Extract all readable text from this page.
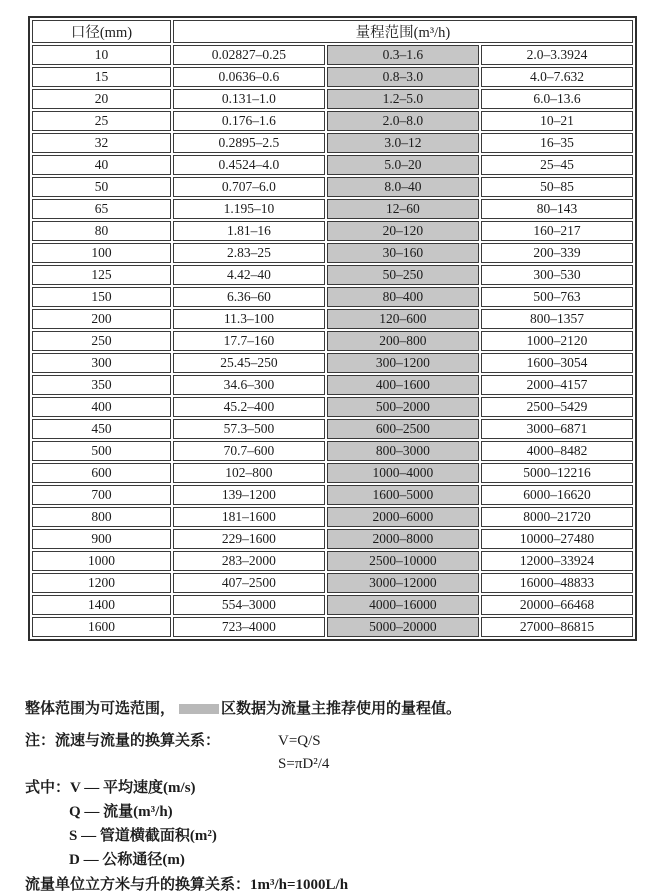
口径(mm)	量程范围(m³/h)		
10	0.02827–0.25	0.3–1.6	2.0–3.3924
15	0.0636–0.6	0.8–3.0	4.0–7.632
20	0.131–1.0	1.2–5.0	6.0–13.6
25	0.176–1.6	2.0–8.0	10–21
32	0.2895–2.5	3.0–12	16–35
40	0.4524–4.0	5.0–20	25–45
50	0.707–6.0	8.0–40	50–85
65	1.195–10	12–60	80–143
80	1.81–16	20–120	160–217
100	2.83–25	30–160	200–339
125	4.42–40	50–250	300–530
150	6.36–60	80–400	500–763
200	11.3–100	120–600	800–1357
250	17.7–160	200–800	1000–2120
300	25.45–250	300–1200	1600–3054
350	34.6–300	400–1600	2000–4157
400	45.2–400	500–2000	2500–5429
450	57.3–500	600–2500	3000–6871
500	70.7–600	800–3000	4000–8482
600	102–800	1000–4000	5000–12216
700	139–1200	1600–5000	6000–16620
800	181–1600	2000–6000	8000–21720
900	229–1600	2000–8000	10000–27480
1000	283–2000	2500–10000	12000–33924
1200	407–2500	3000–12000	16000–48833
1400	554–3000	4000–16000	20000–66468
1600	723–4000	5000–20000	27000–86815
整体范围为可选范围，	区数据为流量主推荐使用的量程值。
注：流速与流量的换算关系：	V=Q/S
S=πD²/4
式中：V — 平均速度(m/s)
Q — 流量(m³/h)
S — 管道横截面积(m²)
D — 公称通径(m)
流量单位立方米与升的换算关系：1m³/h=1000L/h
